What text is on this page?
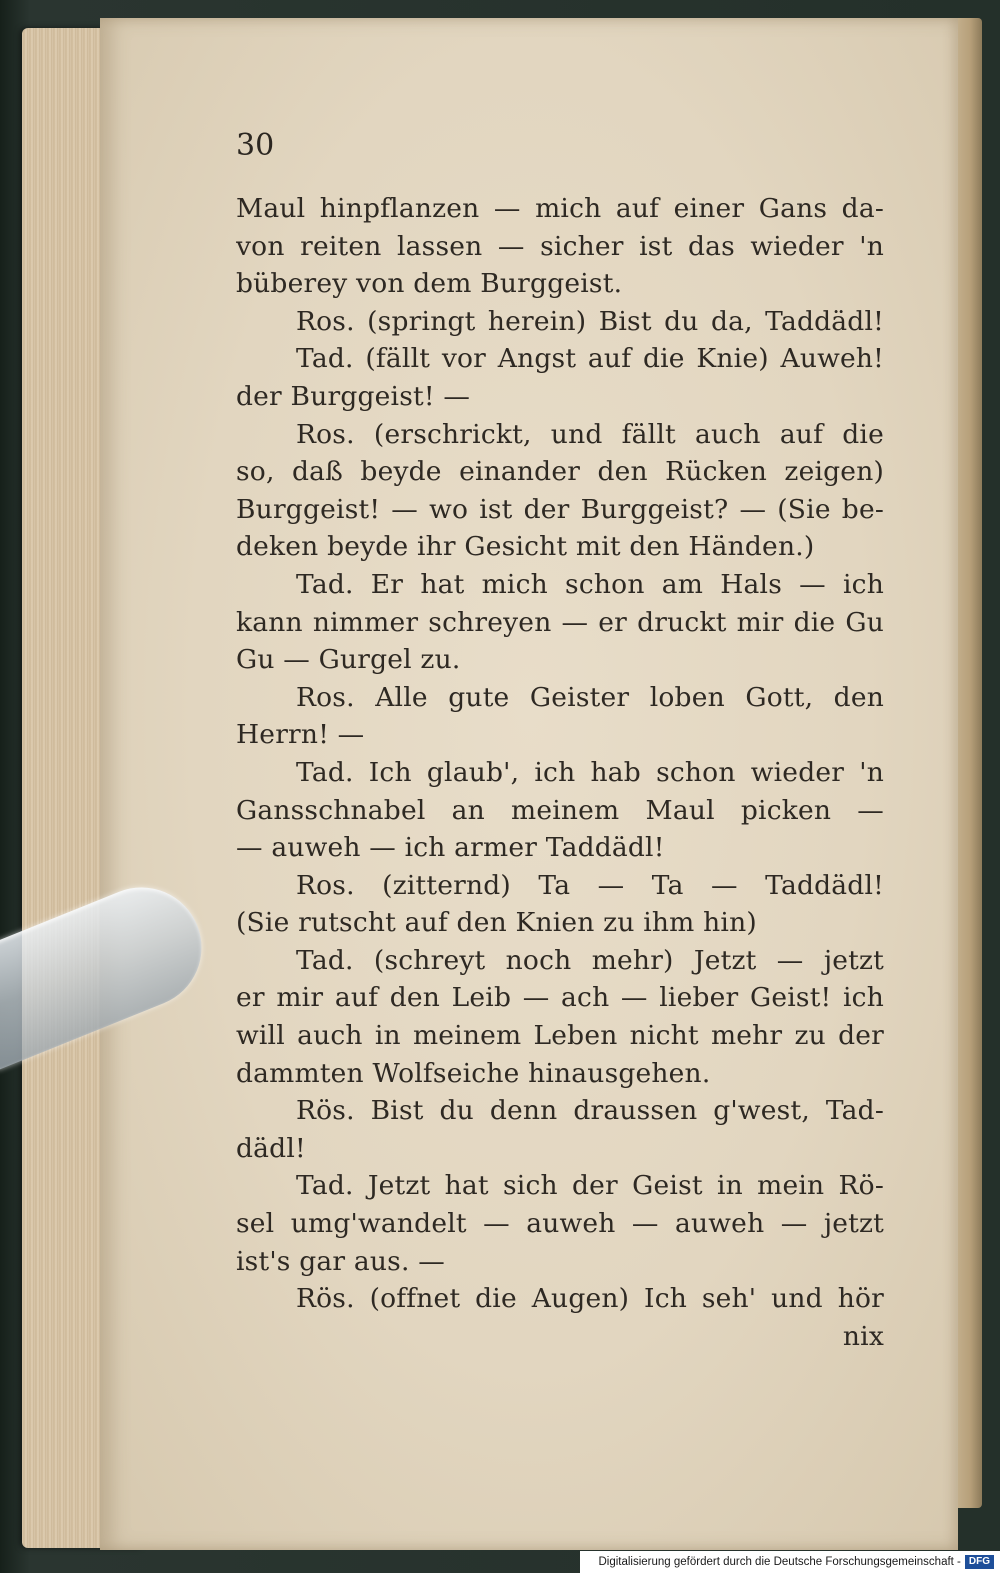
30
Maul hinpflanzen — mich auf einer Gans da-
von reiten lassen — sicher ist das wieder 'n
büberey von dem Burggeist.
Ros. (springt herein) Bist du da, Taddädl!
Tad. (fällt vor Angst auf die Knie) Auweh!
der Burggeist! —
Ros. (erschrickt, und fällt auch auf die
so, daß beyde einander den Rücken zeigen)
Burggeist! — wo ist der Burggeist? — (Sie be-
deken beyde ihr Gesicht mit den Händen.)
Tad. Er hat mich schon am Hals — ich
kann nimmer schreyen — er druckt mir die Gu
Gu — Gurgel zu.
Ros. Alle gute Geister loben Gott, den
Herrn! —
Tad. Ich glaub', ich hab schon wieder 'n
Gansschnabel an meinem Maul picken —
— auweh — ich armer Taddädl!
Ros. (zitternd) Ta — Ta — Taddädl!
(Sie rutscht auf den Knien zu ihm hin)
Tad. (schreyt noch mehr) Jetzt — jetzt
er mir auf den Leib — ach — lieber Geist! ich
will auch in meinem Leben nicht mehr zu der
dammten Wolfseiche hinausgehen.
Rös. Bist du denn draussen g'west, Tad-
dädl!
Tad. Jetzt hat sich der Geist in mein Rö-
sel umg'wandelt — auweh — auweh — jetzt
ist's gar aus. —
Rös. (offnet die Augen) Ich seh' und hör
nix
Digitalisierung gefördert durch die Deutsche Forschungsgemeinschaft - DFG
